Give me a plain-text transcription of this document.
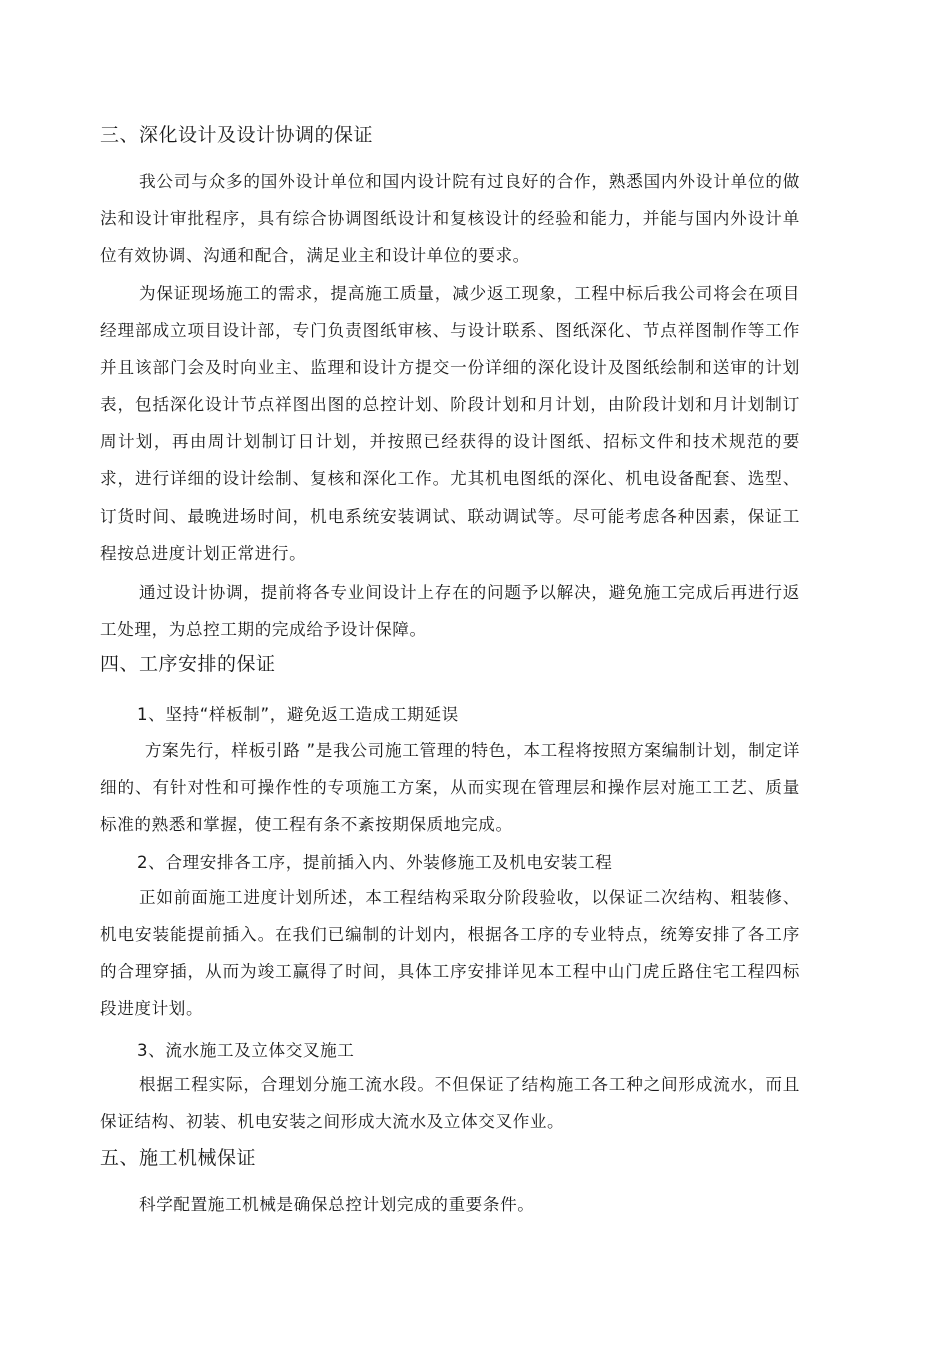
三、深化设计及设计协调的保证
我公司与众多的国外设计单位和国内设计院有过良好的合作，熟悉国内外设计单位的做法和设计审批程序，具有综合协调图纸设计和复核设计的经验和能力，并能与国内外设计单位有效协调、沟通和配合，满足业主和设计单位的要求。
为保证现场施工的需求，提高施工质量，减少返工现象，工程中标后我公司将会在项目经理部成立项目设计部，专门负责图纸审核、与设计联系、图纸深化、节点祥图制作等工作并且该部门会及时向业主、监理和设计方提交一份详细的深化设计及图纸绘制和送审的计划表，包括深化设计节点祥图出图的总控计划、阶段计划和月计划，由阶段计划和月计划制订周计划，再由周计划制订日计划，并按照已经获得的设计图纸、招标文件和技术规范的要求，进行详细的设计绘制、复核和深化工作。尤其机电图纸的深化、机电设备配套、选型、订货时间、最晚进场时间，机电系统安装调试、联动调试等。尽可能考虑各种因素，保证工程按总进度计划正常进行。
通过设计协调，提前将各专业间设计上存在的问题予以解决，避免施工完成后再进行返工处理，为总控工期的完成给予设计保障。
四、工序安排的保证
1、坚持“样板制”，避免返工造成工期延误
方案先行，样板引路 ”是我公司施工管理的特色，本工程将按照方案编制计划，制定详细的、有针对性和可操作性的专项施工方案，从而实现在管理层和操作层对施工工艺、质量标准的熟悉和掌握，使工程有条不紊按期保质地完成。
2、合理安排各工序，提前插入内、外装修施工及机电安装工程
正如前面施工进度计划所述，本工程结构采取分阶段验收，以保证二次结构、粗装修、机电安装能提前插入。在我们已编制的计划内，根据各工序的专业特点，统筹安排了各工序的合理穿插，从而为竣工赢得了时间，具体工序安排详见本工程中山门虎丘路住宅工程四标段进度计划。
3、流水施工及立体交叉施工
根据工程实际，合理划分施工流水段。不但保证了结构施工各工种之间形成流水，而且保证结构、初装、机电安装之间形成大流水及立体交叉作业。
五、施工机械保证
科学配置施工机械是确保总控计划完成的重要条件。
